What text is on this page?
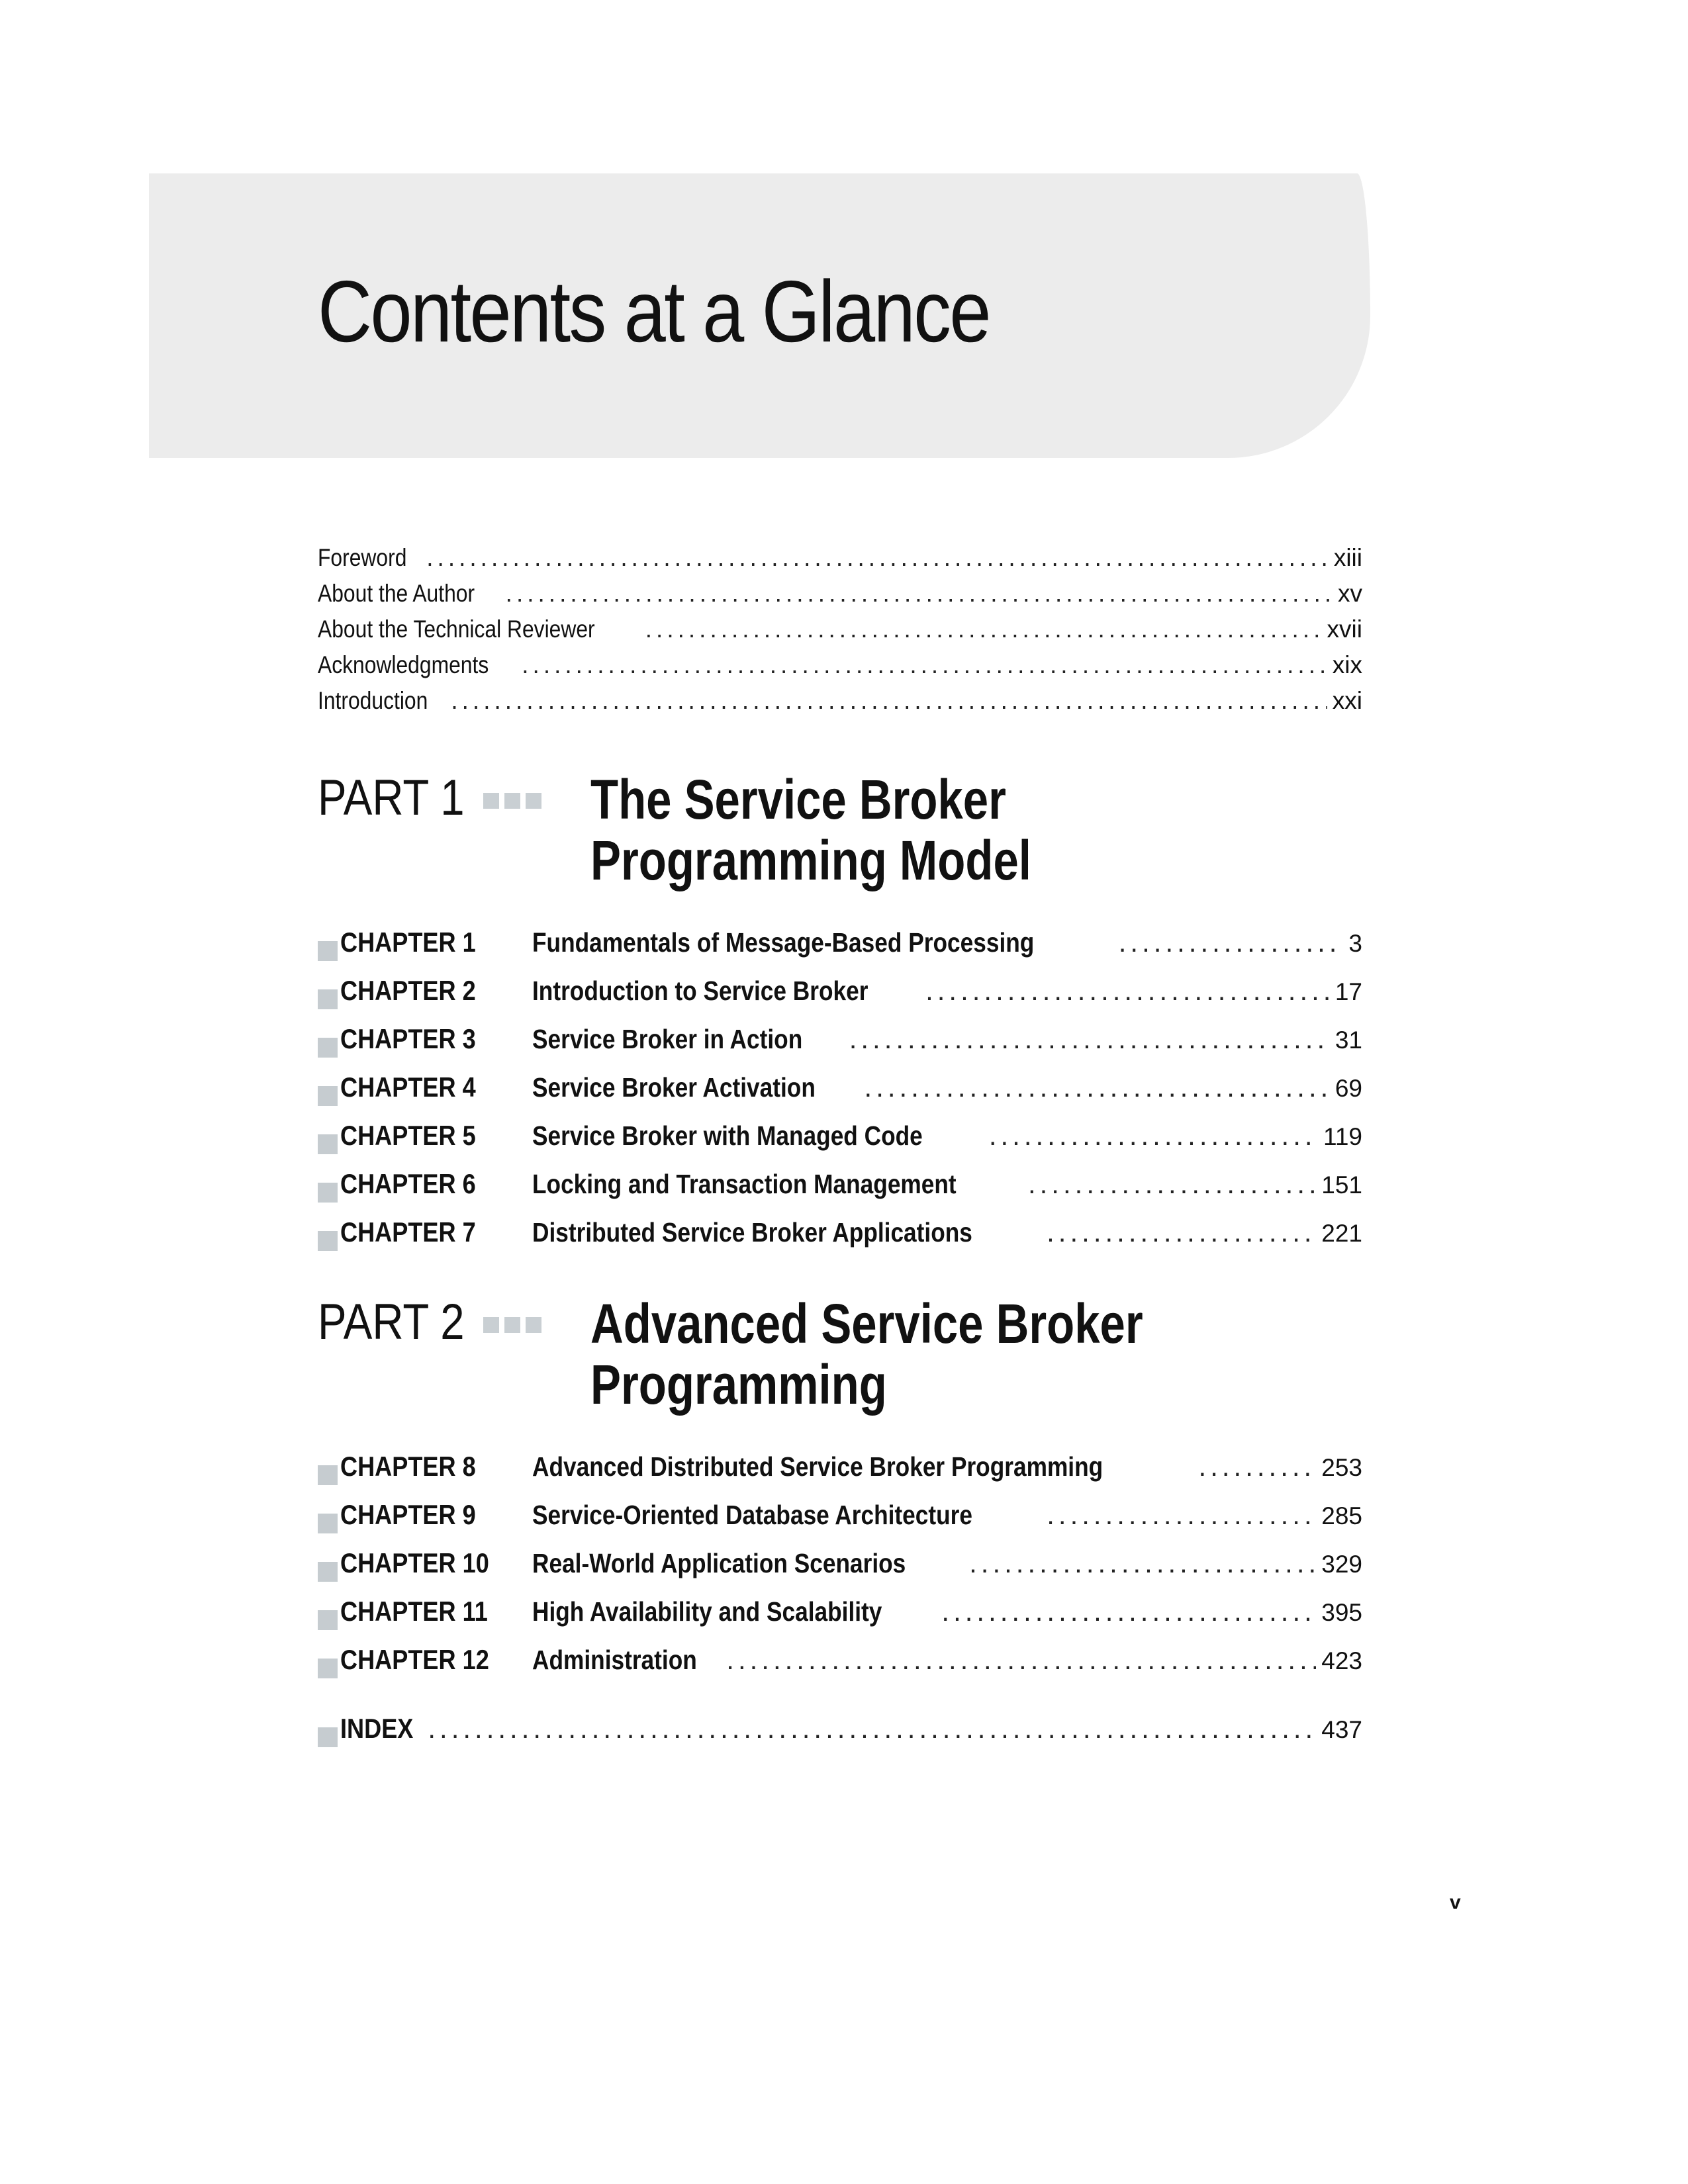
Contents at a Glance
Foreword .....	xiii
About the Author .....	xv
About the Technical Reviewer .....	xvii
Acknowledgments .....	xix
Introduction .....	xxi
PART 1 The Service Broker
Programming Model
CHAPTER 1	Fundamentals of Message-Based Processing .....	3
CHAPTER 2	Introduction to Service Broker .....	17
CHAPTER 3	Service Broker in Action .....	31
CHAPTER 4	Service Broker Activation .....	69
CHAPTER 5	Service Broker with Managed Code .....	119
CHAPTER 6	Locking and Transaction Management .....	151
CHAPTER 7	Distributed Service Broker Applications .....	221
PART 2 Advanced Service Broker
Programming
CHAPTER 8	Advanced Distributed Service Broker Programming .....	253
CHAPTER 9	Service-Oriented Database Architecture .....	285
CHAPTER 10	Real-World Application Scenarios .....	329
CHAPTER 11	High Availability and Scalability .....	395
CHAPTER 12	Administration .....	423
INDEX .....	437
v
